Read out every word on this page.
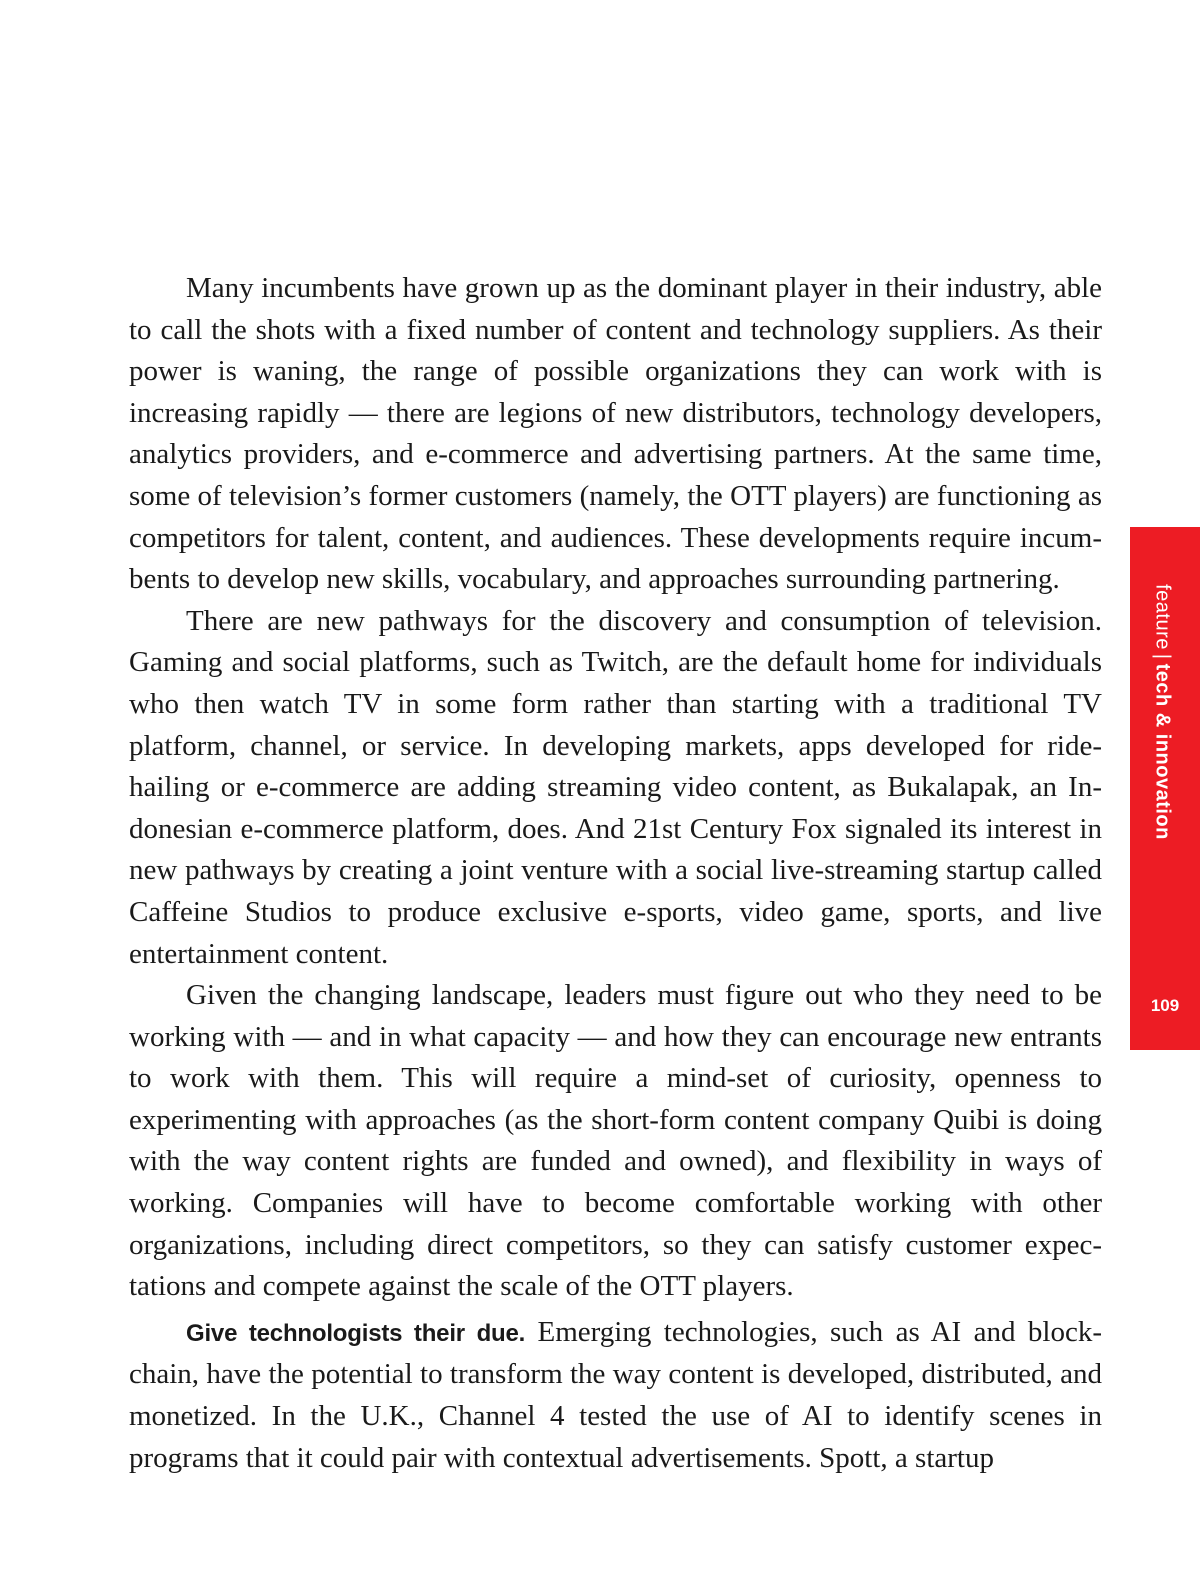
Many incumbents have grown up as the dominant player in their industry, able to call the shots with a fixed number of content and technology suppliers. As their power is waning, the range of possible organizations they can work with is increasing rapidly — there are legions of new distributors, technology developers, analytics providers, and e-commerce and advertising partners. At the same time, some of television’s former customers (namely, the OTT players) are functioning as competitors for talent, content, and audiences. These developments require incumbents to develop new skills, vocabulary, and approaches surrounding partnering.

There are new pathways for the discovery and consumption of television. Gaming and social platforms, such as Twitch, are the default home for individuals who then watch TV in some form rather than starting with a traditional TV platform, channel, or service. In developing markets, apps developed for ride-hailing or e-commerce are adding streaming video content, as Bukalapak, an Indonesian e-commerce platform, does. And 21st Century Fox signaled its interest in new pathways by creating a joint venture with a social live-streaming startup called Caffeine Studios to produce exclusive e-sports, video game, sports, and live entertainment content.

Given the changing landscape, leaders must figure out who they need to be working with — and in what capacity — and how they can encourage new entrants to work with them. This will require a mind-set of curiosity, openness to experimenting with approaches (as the short-form content company Quibi is doing with the way content rights are funded and owned), and flexibility in ways of working. Companies will have to become comfortable working with other organizations, including direct competitors, so they can satisfy customer expectations and compete against the scale of the OTT players.

Give technologists their due. Emerging technologies, such as AI and blockchain, have the potential to transform the way content is developed, distributed, and monetized. In the U.K., Channel 4 tested the use of AI to identify scenes in programs that it could pair with contextual advertisements. Spott, a startup

feature|tech & innovation
109
